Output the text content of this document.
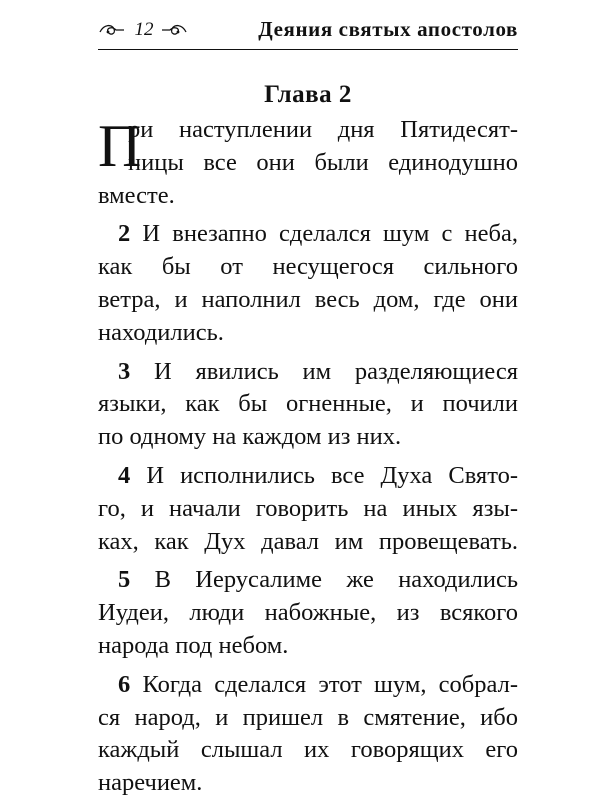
12	Деяния святых апостолов
Глава 2
П
ри наступлении дня Пятидесят-
ницы все они были единодушно
вместе.
2 И внезапно сделался шум с неба,
как бы от несущегося сильного
ветра, и наполнил весь дом, где они
находились.
3 И явились им разделяющиеся
языки, как бы огненные, и почили
по одному на каждом из них.
4 И исполнились все Духа Свято-
го, и начали говорить на иных язы-
ках, как Дух давал им провещевать.
5 В Иерусалиме же находились
Иудеи, люди набожные, из всякого
народа под небом.
6 Когда сделался этот шум, собрал-
ся народ, и пришел в смятение, ибо
каждый слышал их говорящих его
наречием.
